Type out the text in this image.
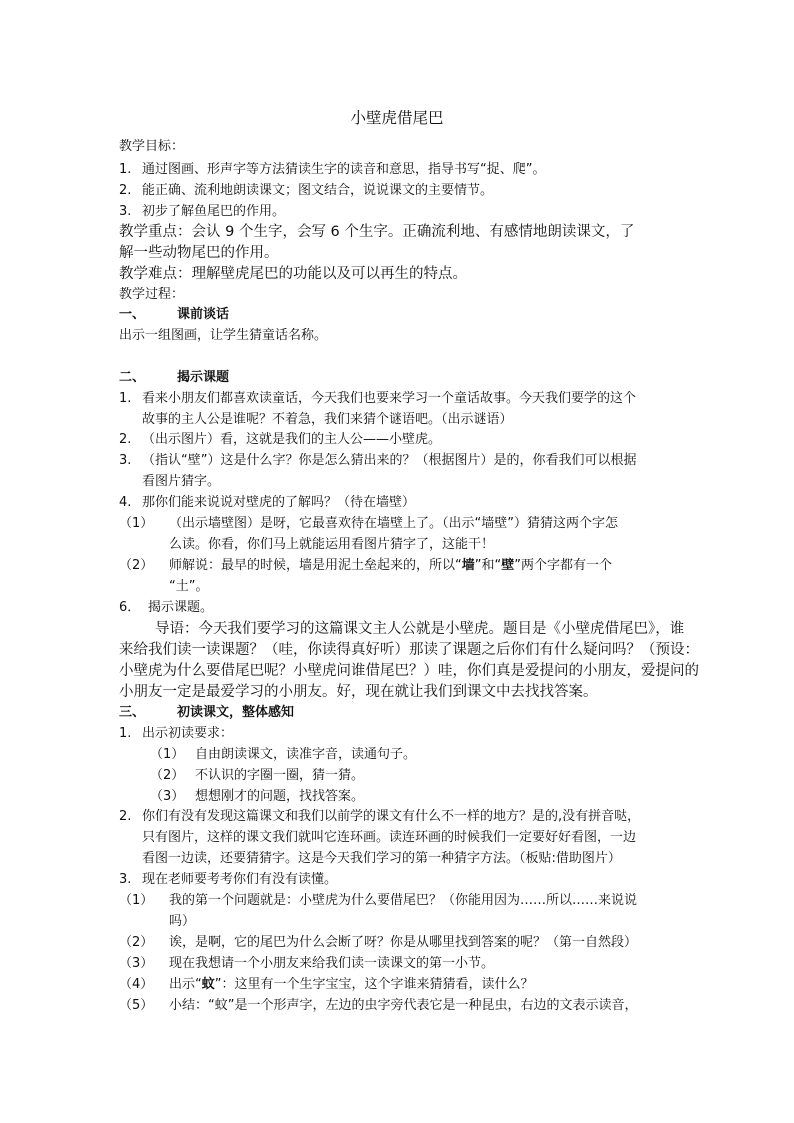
小壁虎借尾巴
教学目标：
1. 通过图画、形声字等方法猜读生字的读音和意思，指导书写“捉、爬”。
2. 能正确、流利地朗读课文；图文结合，说说课文的主要情节。
3. 初步了解鱼尾巴的作用。
教学重点：会认 9 个生字，会写 6 个生字。正确流利地、有感情地朗读课文，了
解一些动物尾巴的作用。
教学难点：理解壁虎尾巴的功能以及可以再生的特点。
教学过程：
一、 课前谈话
出示一组图画，让学生猜童话名称。
二、 揭示课题
1. 看来小朋友们都喜欢读童话，今天我们也要来学习一个童话故事。今天我们要学的这个
故事的主人公是谁呢？不着急，我们来猜个谜语吧。（出示谜语）
2. （出示图片）看，这就是我们的主人公——小壁虎。
3. （指认“壁”）这是什么字？你是怎么猜出来的？（根据图片）是的，你看我们可以根据
看图片猜字。
4. 那你们能来说说对壁虎的了解吗？（待在墙壁）
（1） （出示墙壁图）是呀，它最喜欢待在墙壁上了。（出示“墙壁”）猜猜这两个字怎
么读。你看，你们马上就能运用看图片猜字了，这能干！
（2） 师解说：最早的时候，墙是用泥土垒起来的，所以“墙”和“壁”两个字都有一个
“土”。
6． 揭示课题。
导语：今天我们要学习的这篇课文主人公就是小壁虎。题目是《小壁虎借尾巴》，谁
来给我们读一读课题？（哇，你读得真好听）那读了课题之后你们有什么疑问吗？（预设：
小壁虎为什么要借尾巴呢？小壁虎问谁借尾巴？）哇，你们真是爱提问的小朋友，爱提问的
小朋友一定是最爱学习的小朋友。好，现在就让我们到课文中去找找答案。
三、 初读课文，整体感知
1. 出示初读要求：
（1） 自由朗读课文，读准字音，读通句子。
（2） 不认识的字圈一圈，猜一猜。
（3） 想想刚才的问题，找找答案。
2. 你们有没有发现这篇课文和我们以前学的课文有什么不一样的地方？是的,没有拼音哒，
只有图片，这样的课文我们就叫它连环画。读连环画的时候我们一定要好好看图，一边
看图一边读，还要猜猜字。这是今天我们学习的第一种猜字方法。（板贴:借助图片）
3. 现在老师要考考你们有没有读懂。
（1） 我的第一个问题就是：小壁虎为什么要借尾巴？（你能用因为……所以……来说说
吗）
（2） 诶，是啊，它的尾巴为什么会断了呀？你是从哪里找到答案的呢？（第一自然段）
（3） 现在我想请一个小朋友来给我们读一读课文的第一小节。
（4） 出示“蚊”：这里有一个生字宝宝，这个字谁来猜猜看，读什么？
（5） 小结：“蚊”是一个形声字，左边的虫字旁代表它是一种昆虫，右边的文表示读音，
